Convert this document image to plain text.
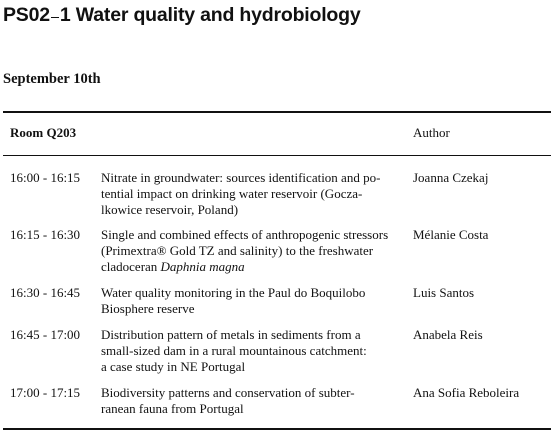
PS02 1 Water quality and hydrobiology
September 10th
Room Q203	Author
16:00 - 16:15 Nitrate in groundwater: sources identification and po-
tential impact on drinking water reservoir (Gocza-
lkowice reservoir, Poland)
Joanna Czekaj
16:15 - 16:30 Single and combined effects of anthropogenic stressors
(Primextra® Gold TZ and salinity) to the freshwater
cladoceran Daphnia magna
Mélanie Costa
16:30 - 16:45 Water quality monitoring in the Paul do Boquilobo
Biosphere reserve
Luis Santos
16:45 - 17:00 Distribution pattern of metals in sediments from a
small-sized dam in a rural mountainous catchment:
a case study in NE Portugal
Anabela Reis
17:00 - 17:15 Biodiversity patterns and conservation of subter-
ranean fauna from Portugal
Ana Sofia Reboleira
